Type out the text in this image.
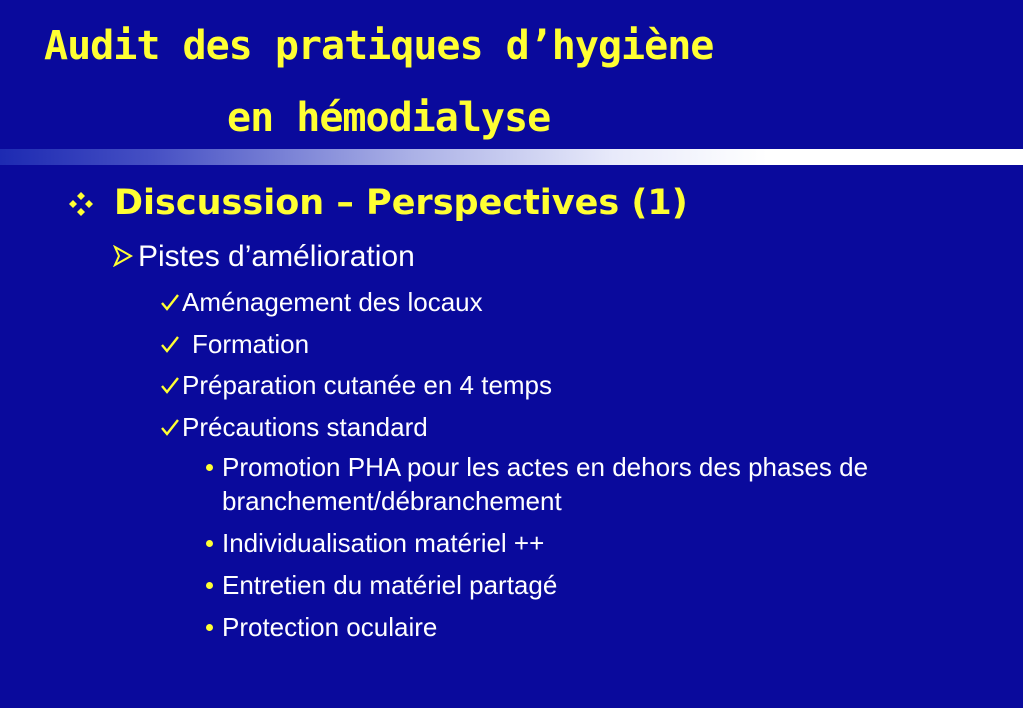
Audit des pratiques d’hygiène
en hémodialyse
Discussion – Perspectives (1)
Pistes d’amélioration
Aménagement des locaux
Formation
Préparation cutanée en 4 temps
Précautions standard
Promotion PHA pour les actes en dehors des phases de branchement/débranchement
Individualisation matériel ++
Entretien du matériel partagé
Protection oculaire
